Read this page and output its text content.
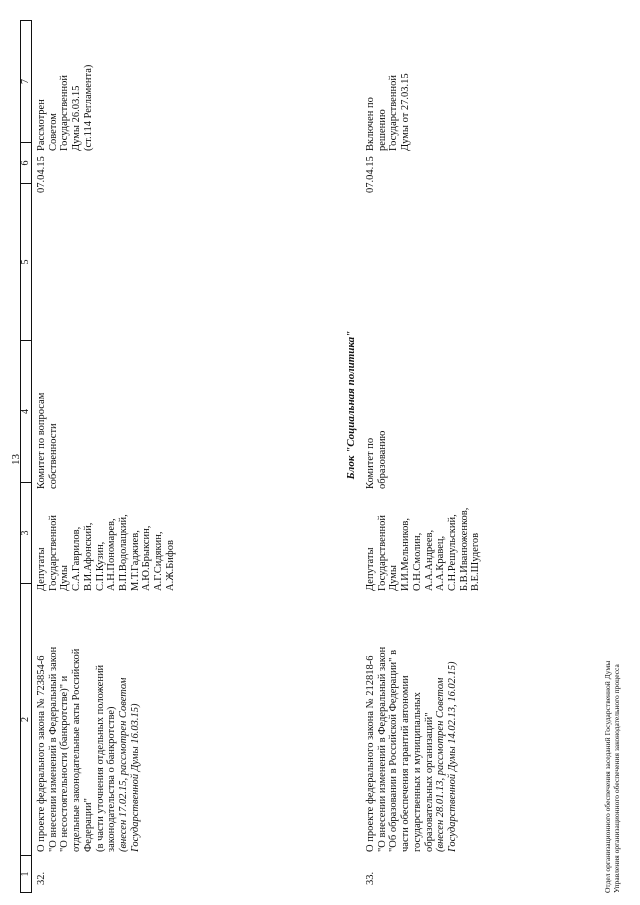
13
1
2
3
4
5
6
7
32.
О проекте федерального закона № 723854-6 "О внесении изменений в Федеральный закон "О несостоятельности (банкротстве)" и отдельные законодательные акты Российской Федерации" (в части уточнения отдельных положений законодательства о банкротстве) (внесен 17.02.15, рассмотрен Советом Государственной Думы 16.03.15)
Депутаты Государственной Думы С.А.Гаврилов, В.И.Афонский, С.П.Кузин, А.Н.Пономарев, В.П.Водолацкий, М.Т.Гаджиев, А.Ю.Брыксин, А.Г.Сидякин, А.Ж.Бифов
Комитет по вопросам собственности
07.04.15
Рассмотрен Советом Государственной Думы 26.03.15 (ст.114 Регламента)
Блок "Социальная политика"
33.
О проекте федерального закона № 212818-6 "О внесении изменений в Федеральный закон "Об образовании в Российской Федерации" в части обеспечения гарантий автономии государственных и муниципальных образовательных организаций" (внесен 28.01.13, рассмотрен Советом Государственной Думы 14.02.13, 16.02.15)
Депутаты Государственной Думы И.И.Мельников, О.Н.Смолин, А.А.Андреев, А.А.Кравец, С.Н.Решульский, Б.В.Иванюженков, В.Е.Шудегов
Комитет по образованию
07.04.15
Включен по решению Государственной Думы от 27.03.15
Отдел организационного обеспечения заседаний Государственной Думы Управления организационного обеспечения законодательного процесса
